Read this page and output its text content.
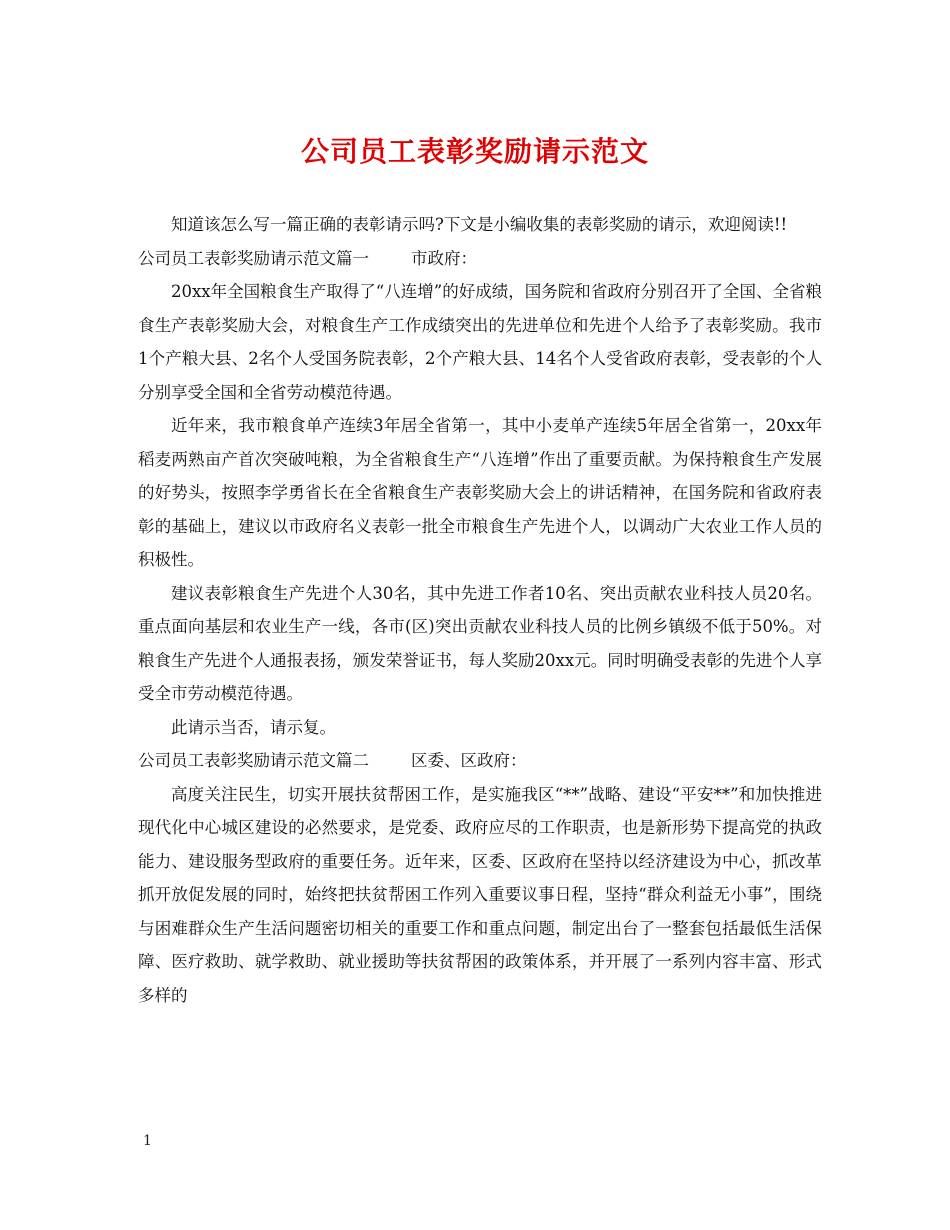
公司员工表彰奖励请示范文

知道该怎么写一篇正确的表彰请示吗?下文是小编收集的表彰奖励的请示，欢迎阅读!!

公司员工表彰奖励请示范文篇一	市政府：

20xx年全国粮食生产取得了“八连增”的好成绩，国务院和省政府分别召开了全国、全省粮食生产表彰奖励大会，对粮食生产工作成绩突出的先进单位和先进个人给予了表彰奖励。我市1个产粮大县、2名个人受国务院表彰，2个产粮大县、14名个人受省政府表彰，受表彰的个人分别享受全国和全省劳动模范待遇。

近年来，我市粮食单产连续3年居全省第一，其中小麦单产连续5年居全省第一，20xx年稻麦两熟亩产首次突破吨粮，为全省粮食生产“八连增”作出了重要贡献。为保持粮食生产发展的好势头，按照李学勇省长在全省粮食生产表彰奖励大会上的讲话精神，在国务院和省政府表彰的基础上，建议以市政府名义表彰一批全市粮食生产先进个人，以调动广大农业工作人员的积极性。

建议表彰粮食生产先进个人30名，其中先进工作者10名、突出贡献农业科技人员20名。重点面向基层和农业生产一线，各市(区)突出贡献农业科技人员的比例乡镇级不低于50%。对粮食生产先进个人通报表扬，颁发荣誉证书，每人奖励20xx元。同时明确受表彰的先进个人享受全市劳动模范待遇。

此请示当否，请示复。

公司员工表彰奖励请示范文篇二	区委、区政府：

高度关注民生，切实开展扶贫帮困工作，是实施我区“**”战略、建设“平安**”和加快推进现代化中心城区建设的必然要求，是党委、政府应尽的工作职责，也是新形势下提高党的执政能力、建设服务型政府的重要任务。近年来，区委、区政府在坚持以经济建设为中心，抓改革抓开放促发展的同时，始终把扶贫帮困工作列入重要议事日程，坚持“群众利益无小事”，围绕与困难群众生产生活问题密切相关的重要工作和重点问题，制定出台了一整套包括最低生活保障、医疗救助、就学救助、就业援助等扶贫帮困的政策体系，并开展了一系列内容丰富、形式多样的

1
